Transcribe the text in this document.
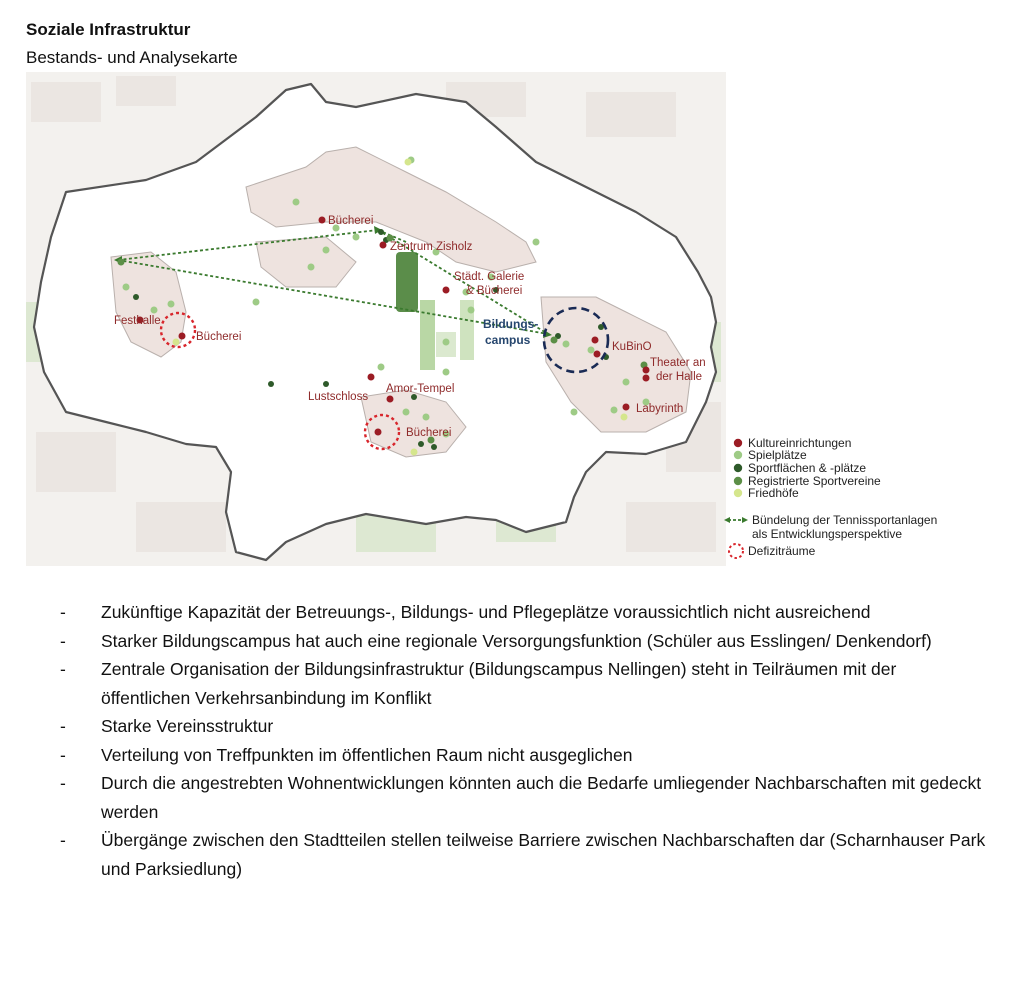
Soziale Infrastruktur
Bestands- und Analysekarte
Bücherei
Zentrum Zisholz
Städt. Galerie
& Bücherei
Festhalle
Bücherei
KuBinO
Theater an
der Halle
Labyrinth
Lustschloss
Amor-Tempel
Bücherei
Bildungs-
campus
Kultureinrichtungen
Spielplätze
Sportflächen & -plätze
Registrierte Sportvereine
Friedhöfe
Bündelung der Tennissportanlagen
als Entwicklungsperspektive
Defiziträume
- Zukünftige Kapazität der Betreuungs-, Bildungs- und Pflegeplätze voraussichtlich nicht ausreichend
- Starker Bildungscampus hat auch eine regionale Versorgungsfunktion (Schüler aus Esslingen/ Denkendorf)
- Zentrale Organisation der Bildungsinfrastruktur (Bildungscampus Nellingen) steht in Teilräumen mit der öffentlichen Verkehrsanbindung im Konflikt
- Starke Vereinsstruktur
- Verteilung von Treffpunkten im öffentlichen Raum nicht ausgeglichen
- Durch die angestrebten Wohnentwicklungen könnten auch die Bedarfe umliegender Nachbarschaften mit gedeckt werden
- Übergänge zwischen den Stadtteilen stellen teilweise Barriere zwischen Nachbarschaften dar (Scharnhauser Park und Parksiedlung)
